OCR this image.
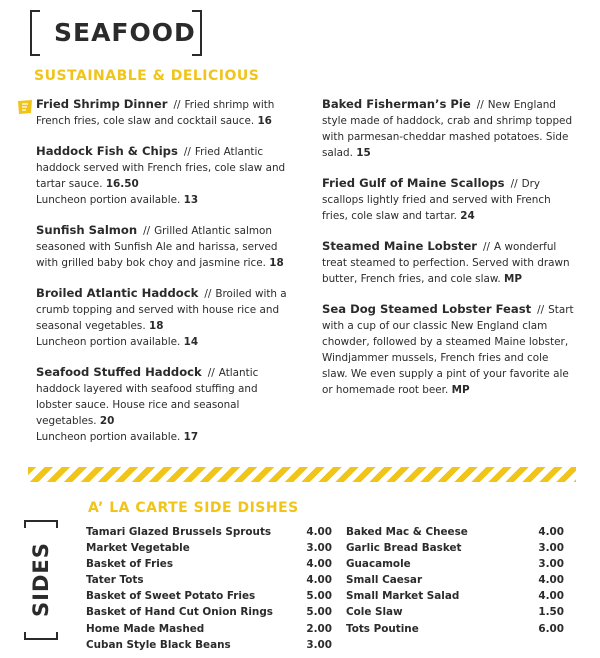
SEAFOOD
SUSTAINABLE & DELICIOUS
Fried Shrimp Dinner // Fried shrimp with French fries, cole slaw and cocktail sauce. 16
Haddock Fish & Chips // Fried Atlantic haddock served with French fries, cole slaw and tartar sauce. 16.50
Luncheon portion available. 13
Sunfish Salmon // Grilled Atlantic salmon seasoned with Sunfish Ale and harissa, served with grilled baby bok choy and jasmine rice. 18
Broiled Atlantic Haddock // Broiled with a crumb topping and served with house rice and seasonal vegetables. 18
Luncheon portion available. 14
Seafood Stuffed Haddock // Atlantic haddock layered with seafood stuffing and lobster sauce. House rice and seasonal vegetables. 20
Luncheon portion available. 17
Baked Fisherman’s Pie // New England style made of haddock, crab and shrimp topped with parmesan-cheddar mashed potatoes. Side salad. 15
Fried Gulf of Maine Scallops // Dry scallops lightly fried and served with French fries, cole slaw and tartar. 24
Steamed Maine Lobster // A wonderful treat steamed to perfection. Served with drawn butter, French fries, and cole slaw. MP
Sea Dog Steamed Lobster Feast // Start with a cup of our classic New England clam chowder, followed by a steamed Maine lobster, Windjammer mussels, French fries and cole slaw. We even supply a pint of your favorite ale or homemade root beer. MP
A’ LA CARTE SIDE DISHES
SIDES
Tamari Glazed Brussels Sprouts	4.00
Market Vegetable	3.00
Basket of Fries	4.00
Tater Tots	4.00
Basket of Sweet Potato Fries	5.00
Basket of Hand Cut Onion Rings	5.00
Home Made Mashed	2.00
Cuban Style Black Beans	3.00
Baked Mac & Cheese	4.00
Garlic Bread Basket	3.00
Guacamole	3.00
Small Caesar	4.00
Small Market Salad	4.00
Cole Slaw	1.50
Tots Poutine	6.00
